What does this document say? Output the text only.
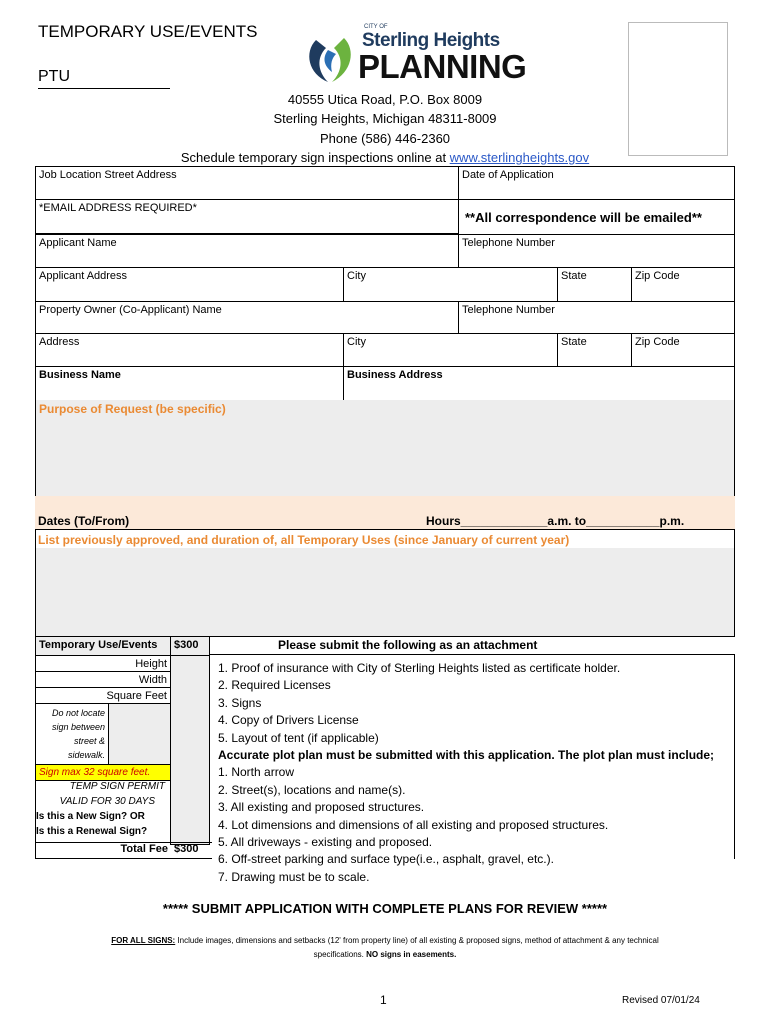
TEMPORARY USE/EVENTS
PTU
CITY OF
Sterling Heights
PLANNING
40555 Utica Road, P.O. Box 8009
Sterling Heights, Michigan 48311-8009
Phone (586) 446-2360
Schedule temporary sign inspections online at www.sterlingheights.gov
Job Location Street Address	Date of Application
*EMAIL ADDRESS REQUIRED*
**All correspondence will be emailed**
Applicant Name	Telephone Number
Applicant Address	City	State	Zip Code
Property Owner (Co-Applicant) Name	Telephone Number
Address	City	State	Zip Code
Business Name	Business Address
Purpose of Request (be specific)
Dates (To/From)	Hours_____________a.m. to___________p.m.
List previously approved, and duration of, all Temporary Uses (since January of current year)
Temporary Use/Events	$300
Height
Width
Square Feet
Do not locate
sign between
street &
sidewalk.
Sign max 32 square feet.
TEMP SIGN PERMIT
VALID FOR 30 DAYS
Is this a New Sign? OR
Is this a Renewal Sign?
Total Fee $300
Please submit the following as an attachment
1. Proof of insurance with City of Sterling Heights listed as certificate holder.
2. Required Licenses
3. Signs
4. Copy of Drivers License
5. Layout of tent (if applicable)
Accurate plot plan must be submitted with this application. The plot plan must include;
1. North arrow
2. Street(s), locations and name(s).
3. All existing and proposed structures.
4. Lot dimensions and dimensions of all existing and proposed structures.
5. All driveways - existing and proposed.
6. Off-street parking and surface type(i.e., asphalt, gravel, etc.).
7. Drawing must be to scale.
***** SUBMIT APPLICATION WITH COMPLETE PLANS FOR REVIEW *****
FOR ALL SIGNS: Include images, dimensions and setbacks (12' from property line) of all existing & proposed signs, method of attachment & any technical
specifications. NO signs in easements.
1	Revised 07/01/24
